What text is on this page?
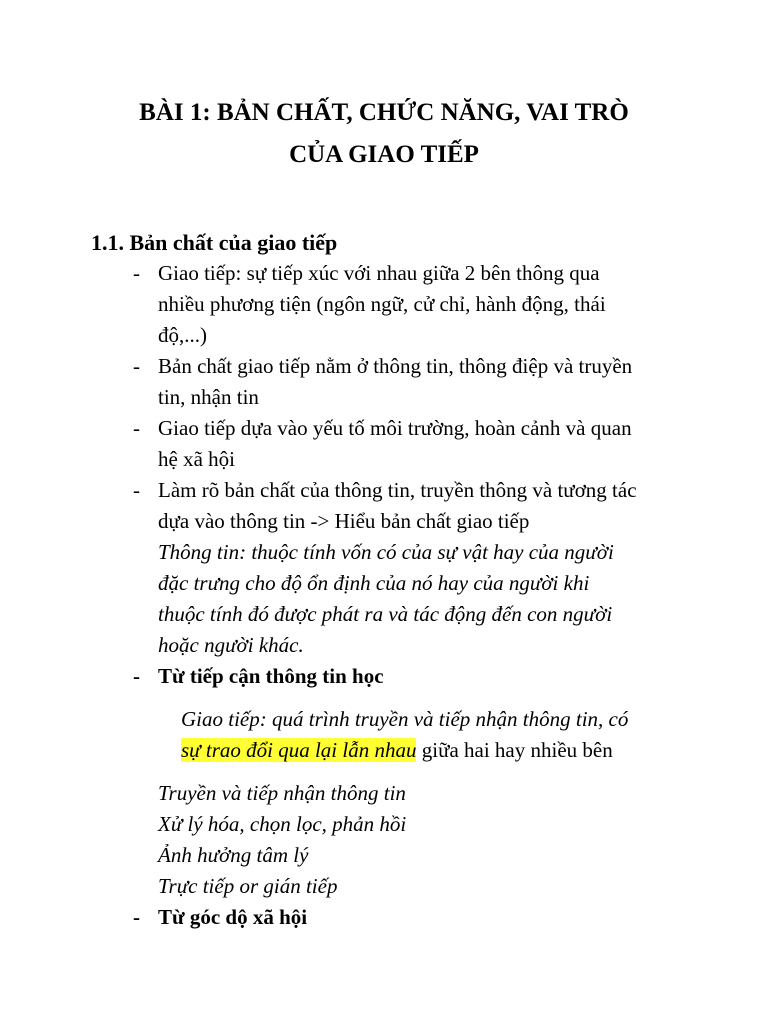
BÀI 1: BẢN CHẤT, CHỨC NĂNG, VAI TRÒ
CỦA GIAO TIẾP
1.1. Bản chất của giao tiếp
- Giao tiếp: sự tiếp xúc với nhau giữa 2 bên thông qua
nhiều phương tiện (ngôn ngữ, cử chỉ, hành động, thái
độ,...)
- Bản chất giao tiếp nằm ở thông tin, thông điệp và truyền
tin, nhận tin
- Giao tiếp dựa vào yếu tố môi trường, hoàn cảnh và quan
hệ xã hội
- Làm rõ bản chất của thông tin, truyền thông và tương tác
dựa vào thông tin -> Hiểu bản chất giao tiếp
Thông tin: thuộc tính vốn có của sự vật hay của người
đặc trưng cho độ ổn định của nó hay của người khi
thuộc tính đó được phát ra và tác động đến con người
hoặc người khác.
- Từ tiếp cận thông tin học
Giao tiếp: quá trình truyền và tiếp nhận thông tin, có
sự trao đổi qua lại lẫn nhau giữa hai hay nhiều bên
Truyền và tiếp nhận thông tin
Xử lý hóa, chọn lọc, phản hồi
Ảnh hưởng tâm lý
Trực tiếp or gián tiếp
- Từ góc dộ xã hội
